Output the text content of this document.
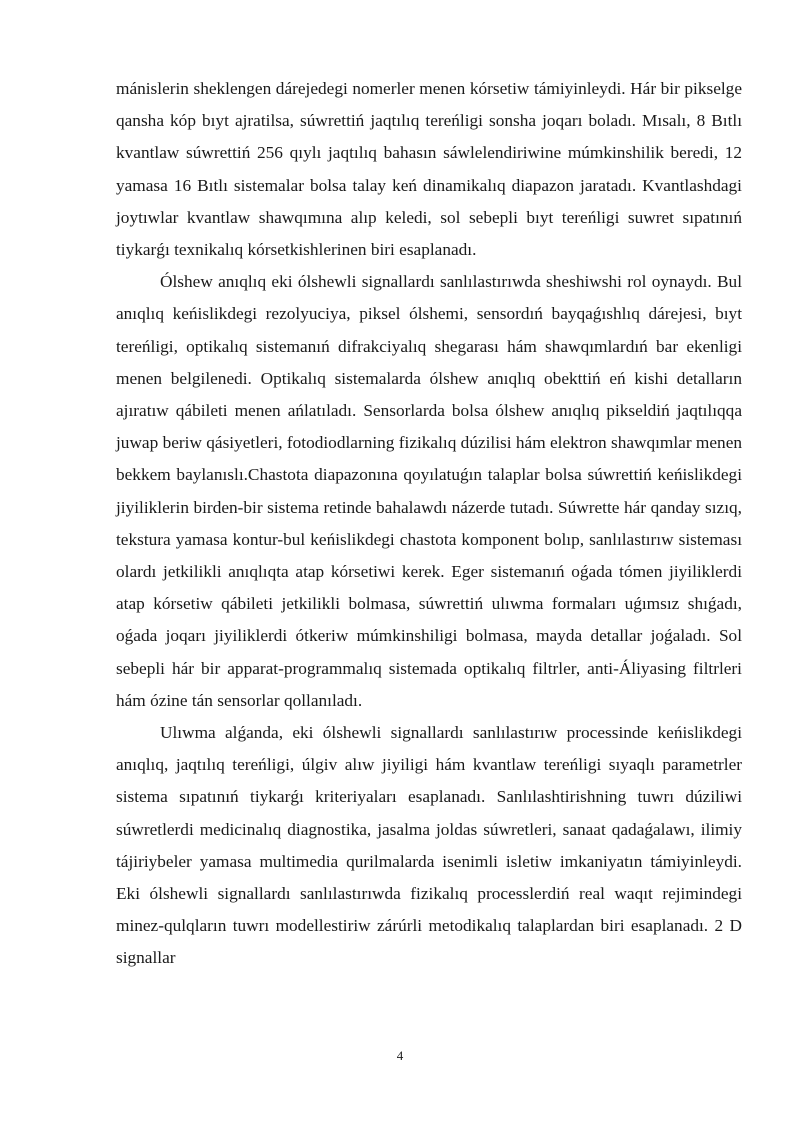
mánislerin sheklengen dárejedegi nomerler menen kórsetiw támiyinleydi. Hár bir pikselge qansha kóp bıyt ajratilsa, súwrettiń jaqtılıq tereńligi sonsha joqarı boladı. Mısalı, 8 Bıtlı kvantlaw súwrettiń 256 qıylı jaqtılıq bahasın sáwlelendiriwine múmkinshilik beredi, 12 yamasa 16 Bıtlı sistemalar bolsa talay keń dinamikalıq diapazon jaratadı. Kvantlashdagi joytıwlar kvantlaw shawqımına alıp keledi, sol sebepli bıyt tereńligi suwret sıpatınıń tiykarǵı texnikalıq kórsetkishlerinen biri esaplanadı.

Ólshew anıqlıq eki ólshewli signallardı sanlılastırıwda sheshiwshi rol oynaydı. Bul anıqlıq keńislikdegi rezolyuciya, piksel ólshemi, sensordıń bayqaǵıshlıq dárejesi, bıyt tereńligi, optikalıq sistemanıń difrakciyalıq shegarası hám shawqımlardıń bar ekenligi menen belgilenedi. Optikalıq sistemalarda ólshew anıqlıq obekttiń eń kishi detalların ajıratıw qábileti menen ańlatıladı. Sensorlarda bolsa ólshew anıqlıq pikseldiń jaqtılıqqa juwap beriw qásiyetleri, fotodiodlarning fizikalıq dúzilisi hám elektron shawqımlar menen bekkem baylanıslı.Chastota diapazonına qoyılatuǵın talaplar bolsa súwrettiń keńislikdegi jiyiliklerin birden-bir sistema retinde bahalawdı názerde tutadı. Súwrette hár qanday sızıq, tekstura yamasa kontur-bul keńislikdegi chastota komponent bolıp, sanlılastırıw sisteması olardı jetkilikli anıqlıqta atap kórsetiwi kerek. Eger sistemanıń oǵada tómen jiyiliklerdi atap kórsetiw qábileti jetkilikli bolmasa, súwrettiń ulıwma formaları uǵımsız shıǵadı, oǵada joqarı jiyiliklerdi ótkeriw múmkinshiligi bolmasa, mayda detallar joǵaladı. Sol sebepli hár bir apparat-programmalıq sistemada optikalıq filtrler, anti-Áliyasing filtrleri hám ózine tán sensorlar qollanıladı.

Ulıwma alǵanda, eki ólshewli signallardı sanlılastırıw processinde keńislikdegi anıqlıq, jaqtılıq tereńligi, úlgiv alıw jiyiligi hám kvantlaw tereńligi sıyaqlı parametrler sistema sıpatınıń tiykarǵı kriteriyaları esaplanadı. Sanlılashtirishning tuwrı dúziliwi súwretlerdi medicinalıq diagnostika, jasalma joldas súwretleri, sanaat qadaǵalawı, ilimiy tájiriybeler yamasa multimedia qurilmalarda isenimli isletiw imkaniyatın támiyinleydi. Eki ólshewli signallardı sanlılastırıwda fizikalıq processlerdiń real waqıt rejimindegi minez-qulqların tuwrı modellestiriw zárúrli metodikalıq talaplardan biri esaplanadı. 2 D signallar

4
